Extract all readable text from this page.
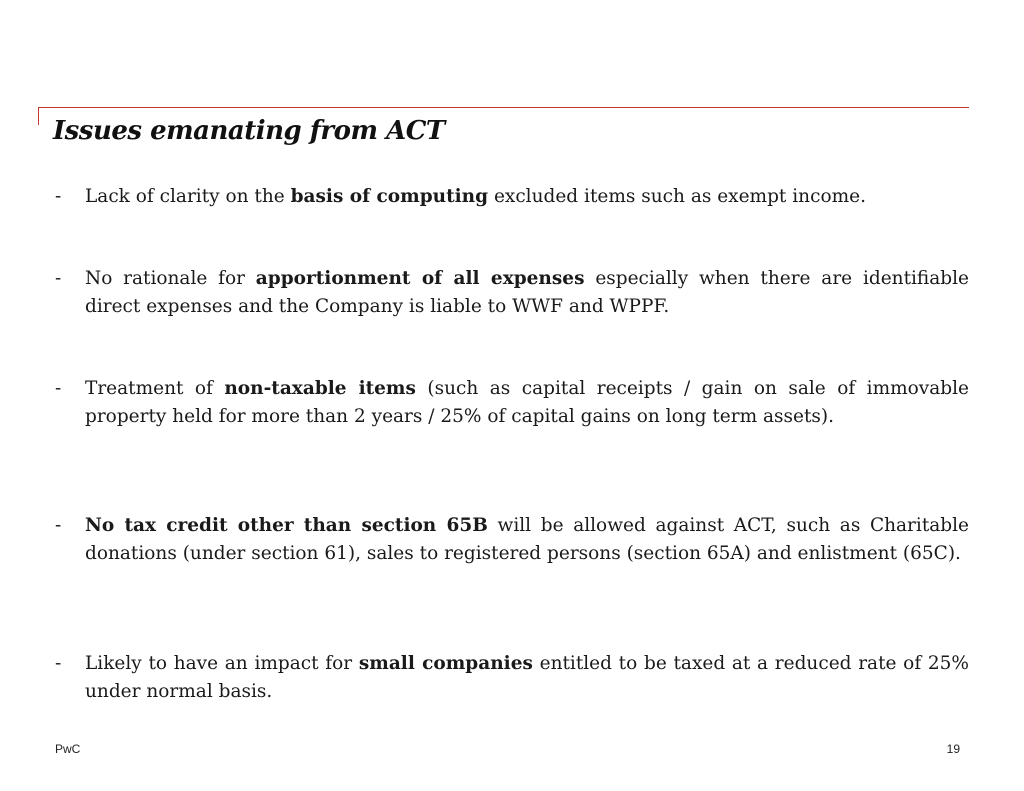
Issues emanating from ACT
- Lack of clarity on the basis of computing excluded items such as exempt income.
- No rationale for apportionment of all expenses especially when there are identifiable direct expenses and the Company is liable to WWF and WPPF.
- Treatment of non-taxable items (such as capital receipts / gain on sale of immovable property held for more than 2 years / 25% of capital gains on long term assets).
- No tax credit other than section 65B will be allowed against ACT, such as Charitable donations (under section 61), sales to registered persons (section 65A) and enlistment (65C).
- Likely to have an impact for small companies entitled to be taxed at a reduced rate of 25% under normal basis.
PwC	19
